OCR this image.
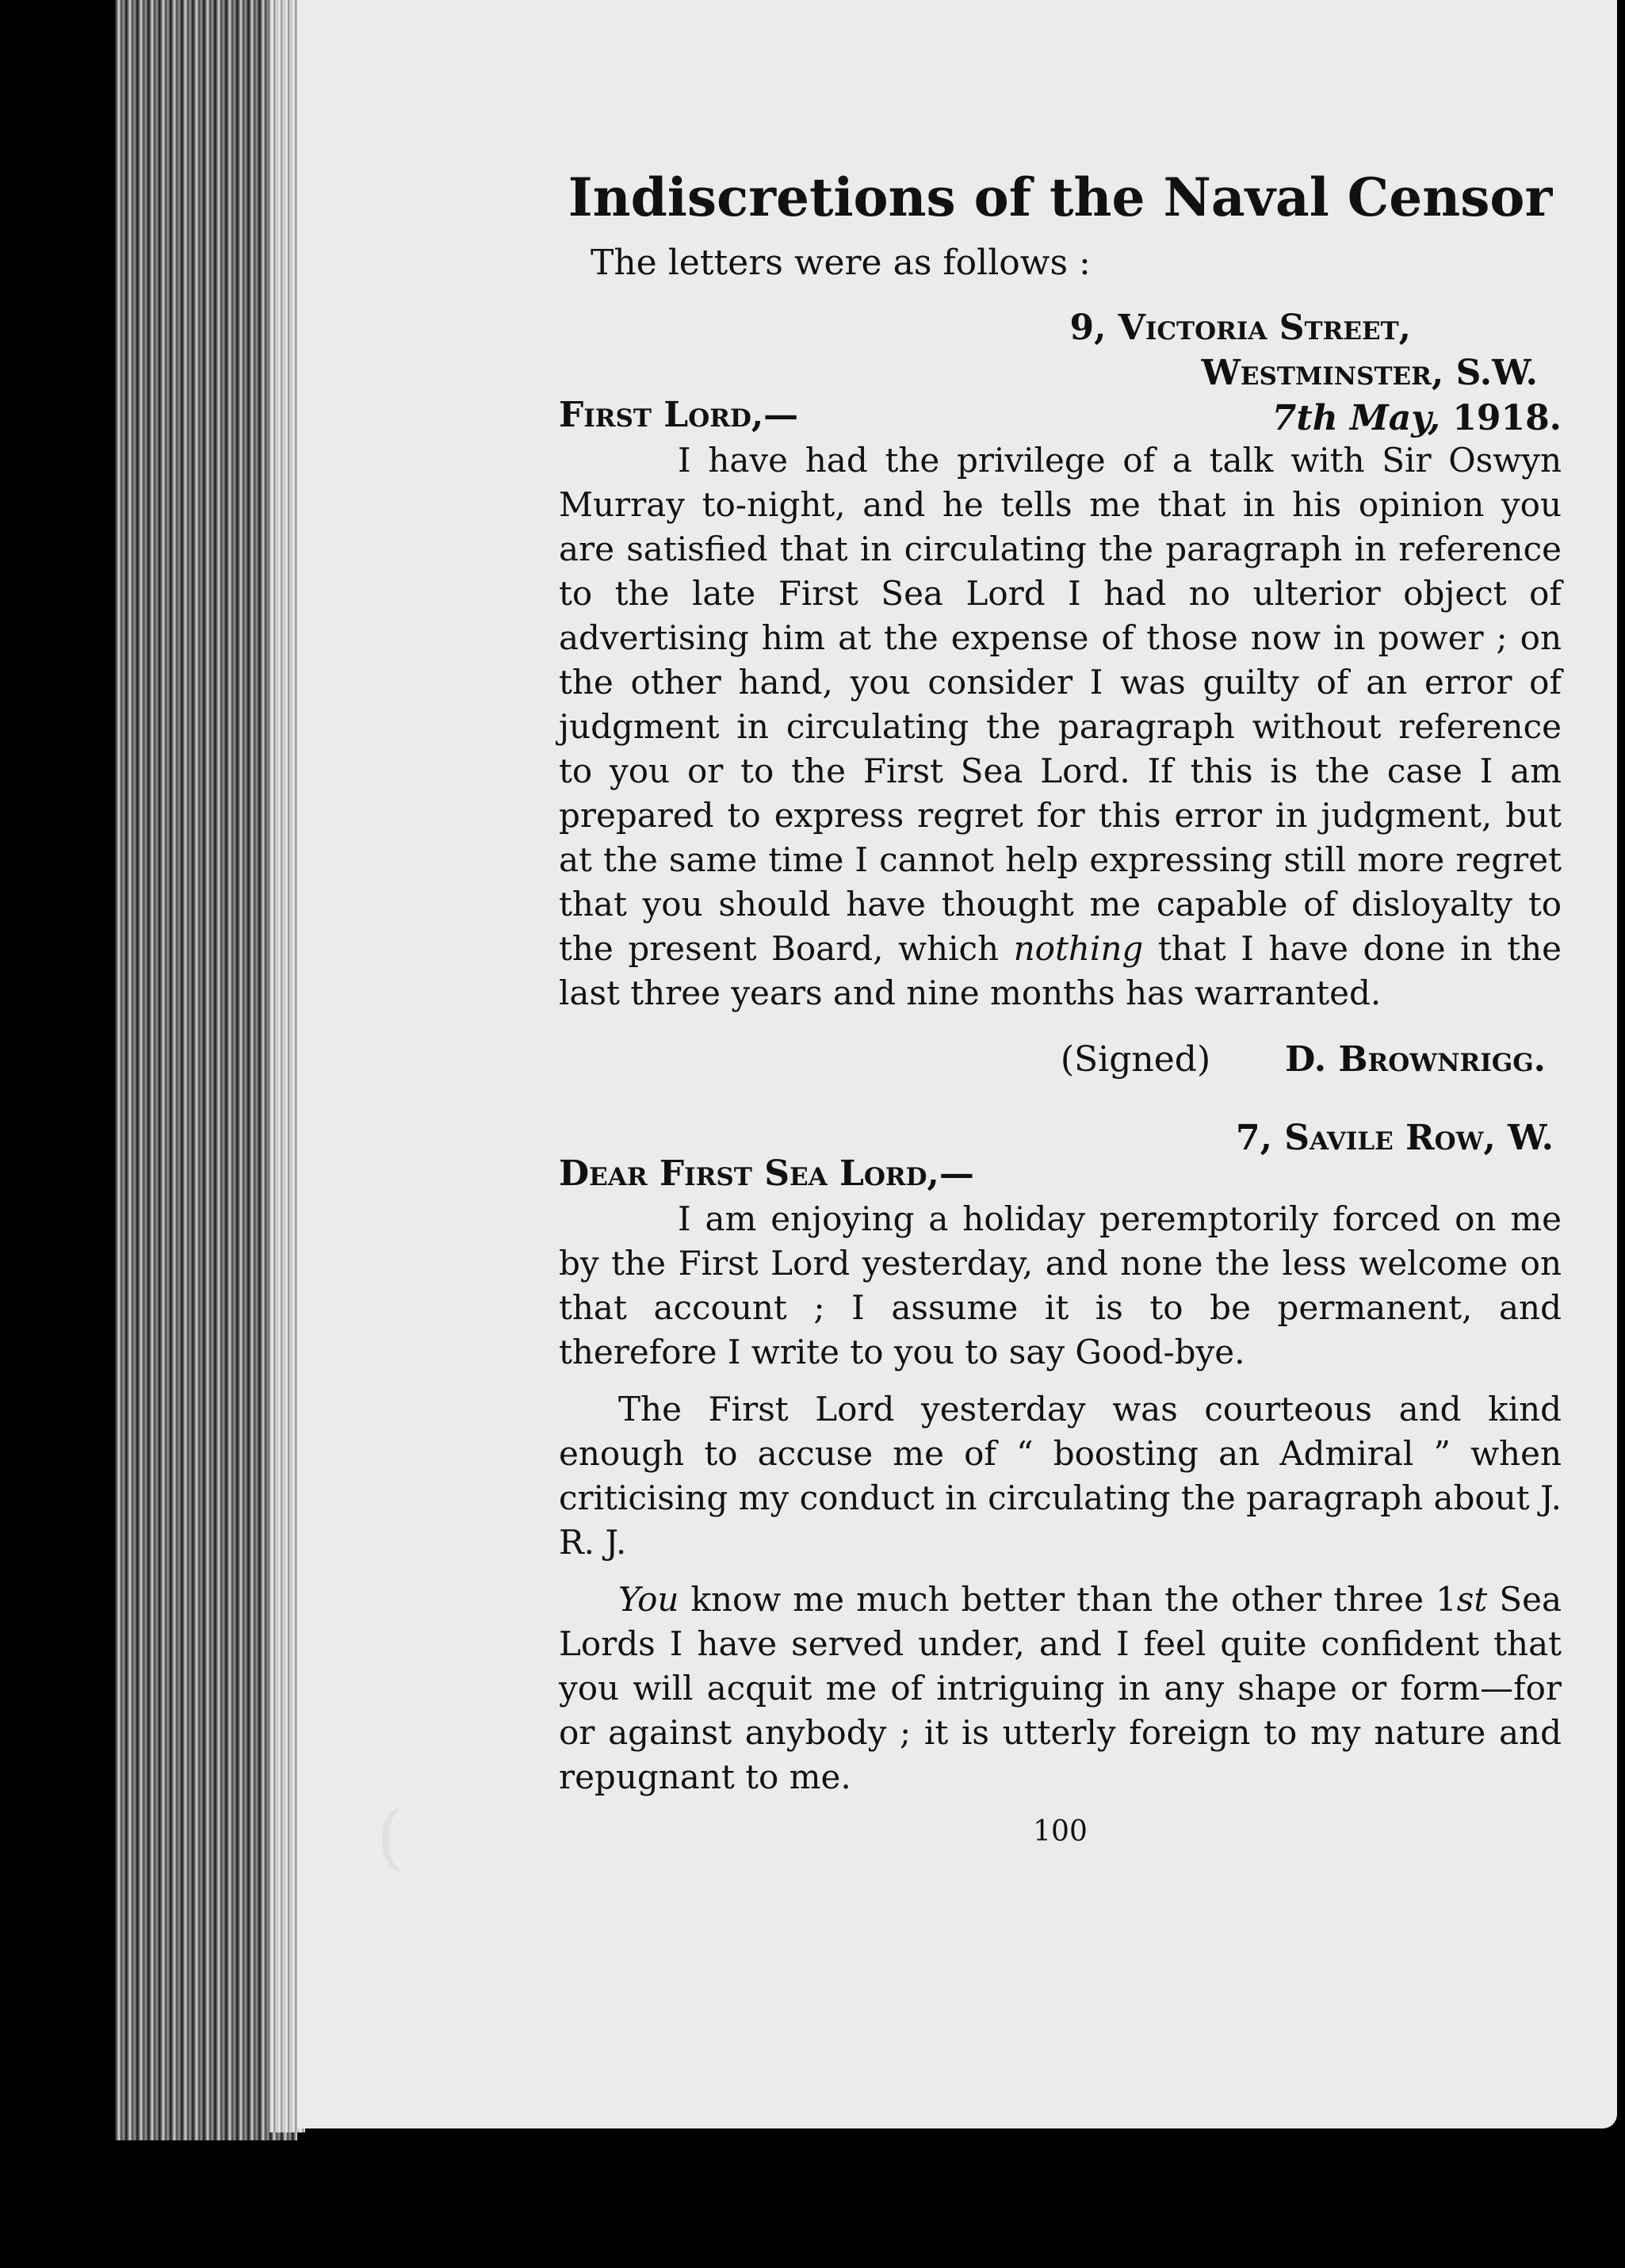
(
Indiscretions of the Naval Censor
The letters were as follows :
9, Victoria Street,
Westminster, S.W.
7th May, 1918.
First Lord,—

I have had the privilege of a talk with Sir Oswyn Murray to-night, and he tells me that in his opinion you are satisfied that in circulating the paragraph in reference to the late First Sea Lord I had no ulterior object of advertising him at the expense of those now in power ; on the other hand, you consider I was guilty of an error of judgment in circulating the paragraph without reference to you or to the First Sea Lord. If this is the case I am prepared to express regret for this error in judgment, but at the same time I cannot help expressing still more regret that you should have thought me capable of disloyalty to the present Board, which nothing that I have done in the last three years and nine months has warranted.

(Signed) D. Brownrigg.
7, Savile Row, W.
Dear First Sea Lord,—

I am enjoying a holiday peremptorily forced on me by the First Lord yesterday, and none the less welcome on that account ; I assume it is to be permanent, and therefore I write to you to say Good-bye.

The First Lord yesterday was courteous and kind enough to accuse me of “ boosting an Admiral ” when criticising my conduct in circulating the paragraph about J. R. J.

You know me much better than the other three 1st Sea Lords I have served under, and I feel quite confident that you will acquit me of intriguing in any shape or form—for or against anybody ; it is utterly foreign to my nature and repugnant to me.

100
